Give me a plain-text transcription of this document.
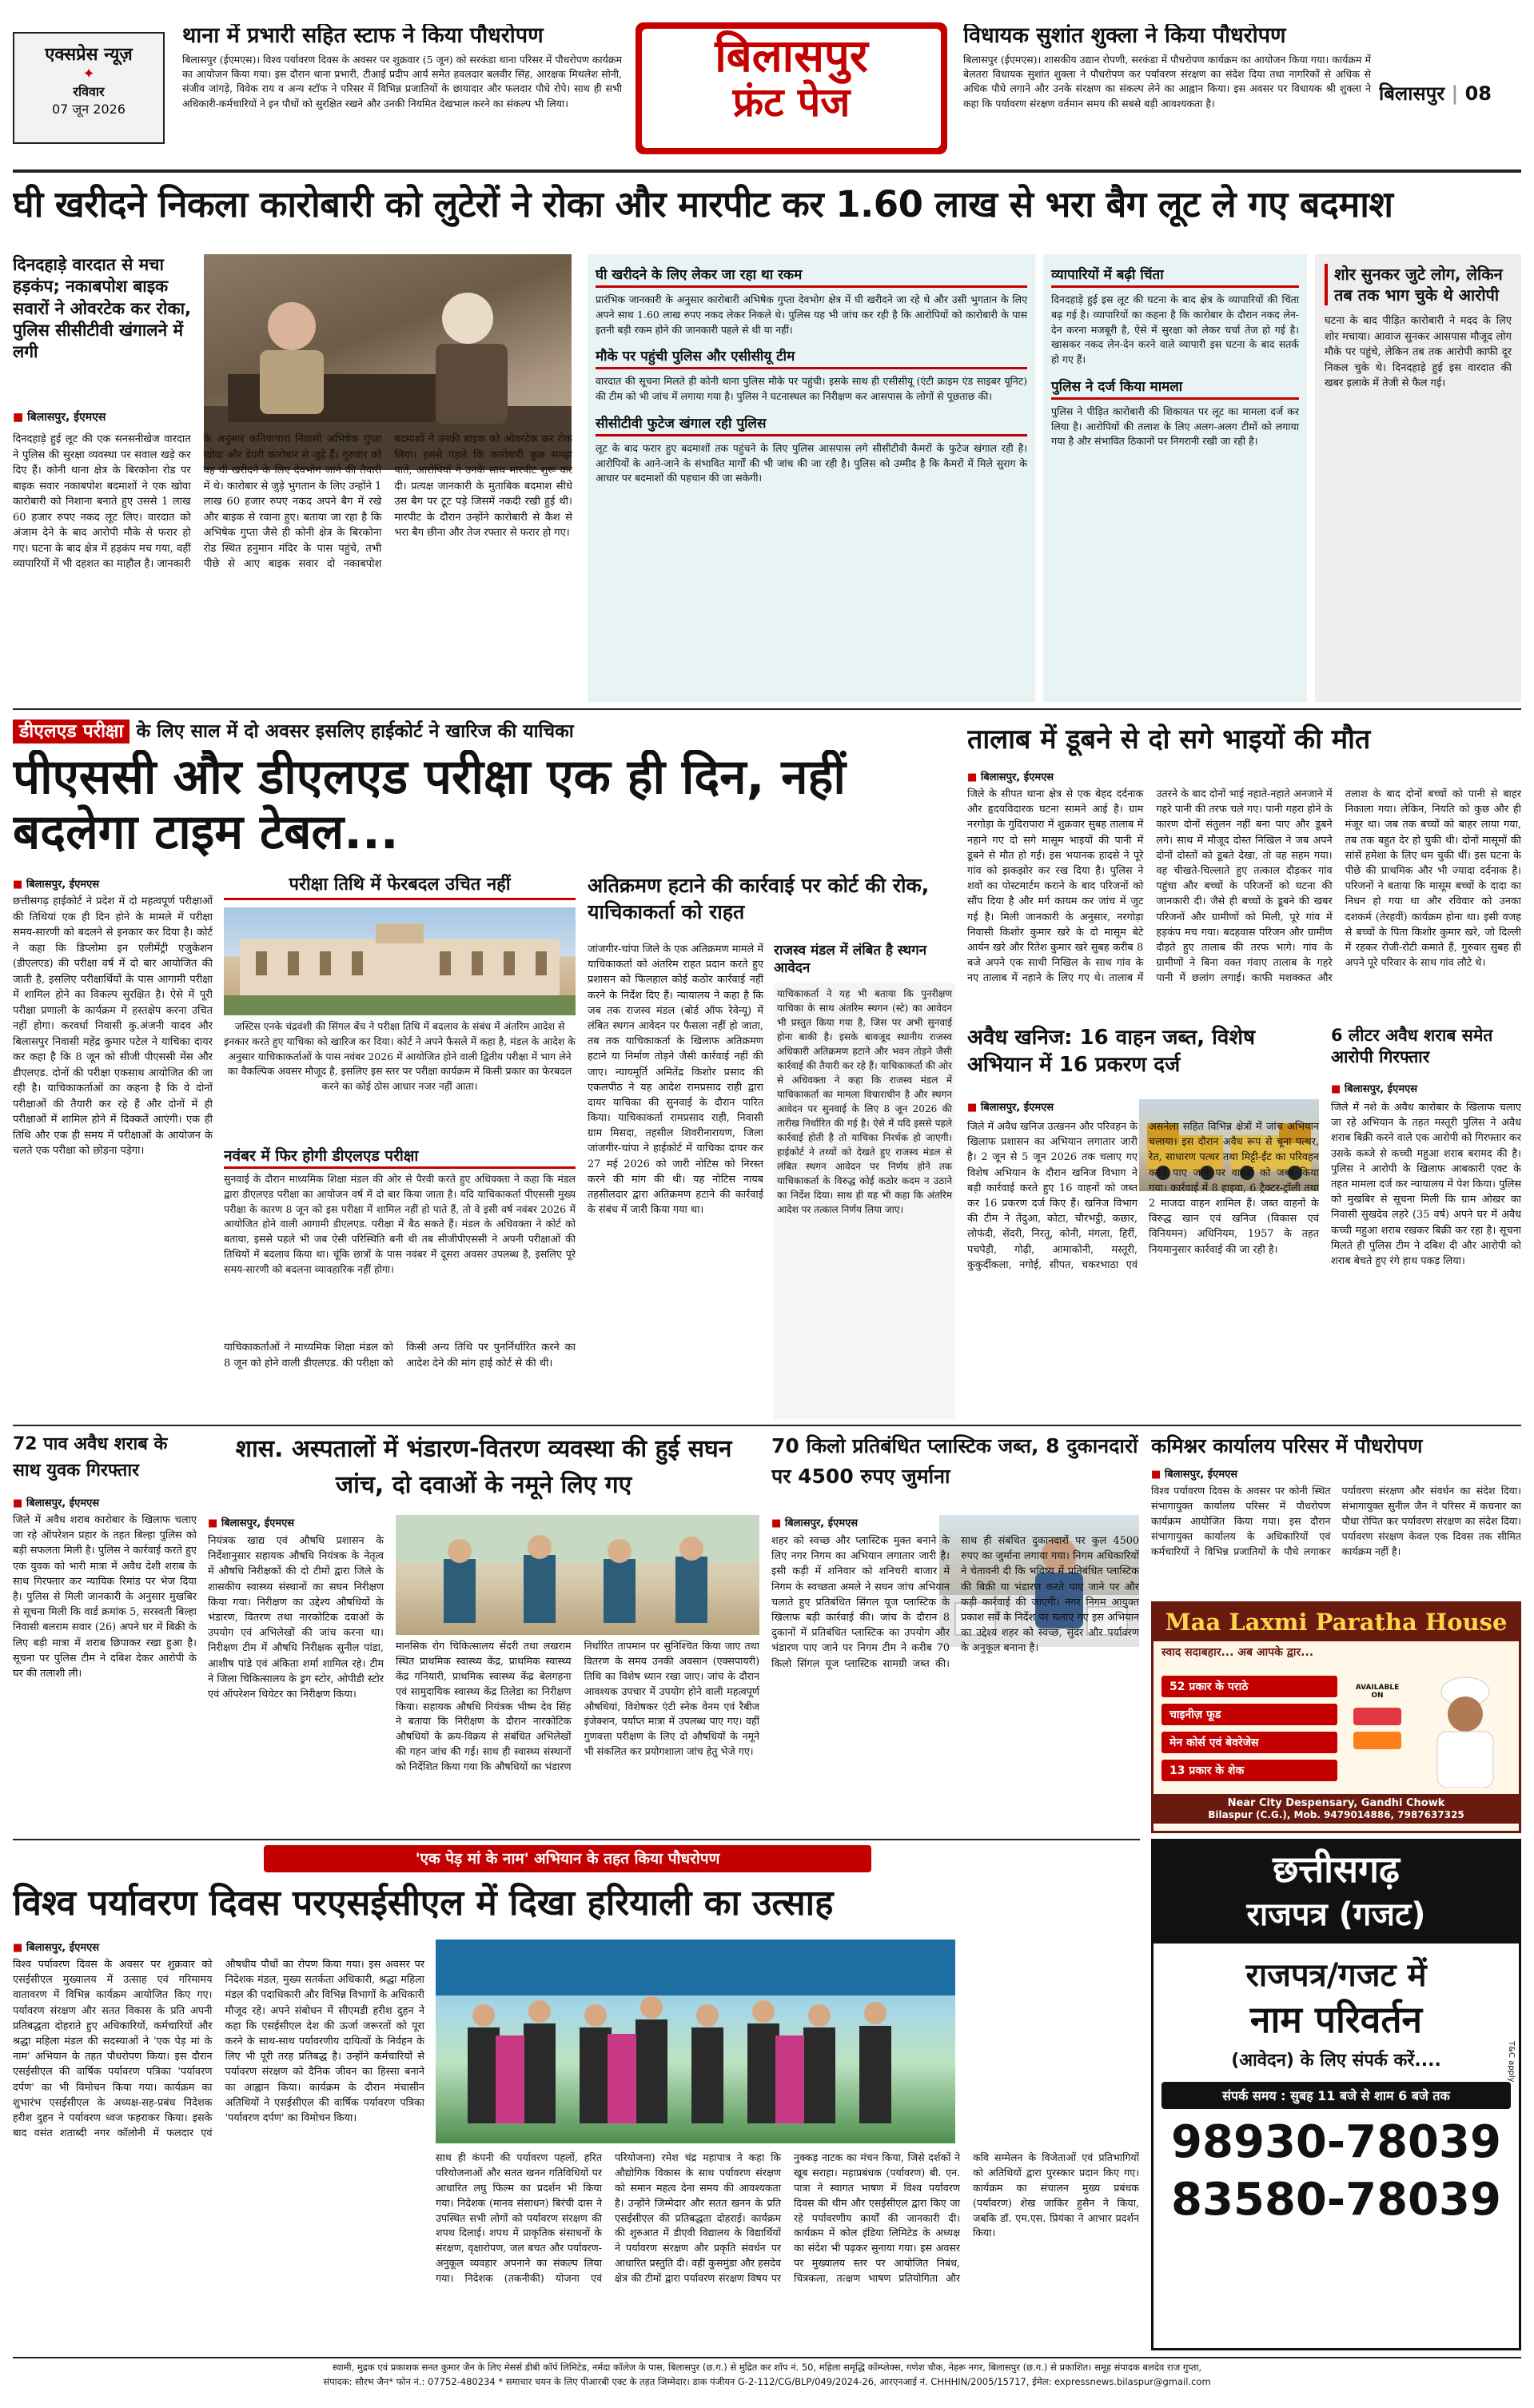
एक्सप्रेस न्यूज़
✦
रविवार
07 जून 2026
थाना में प्रभारी सहित स्टाफ ने किया पौधरोपण
बिलासपुर (ईएमएस)। विश्व पर्यावरण दिवस के अवसर पर शुक्रवार (5 जून) को सरकंडा थाना परिसर में पौधरोपण कार्यक्रम का आयोजन किया गया। इस दौरान थाना प्रभारी, टीआई प्रदीप आर्य समेत हवलदार बलवीर सिंह, आरक्षक मिथलेश सोनी, संजीव जांगड़े, विवेक राय व अन्य स्टॉफ ने परिसर में विभिन्न प्रजातियों के छायादार और फलदार पौधे रोपे। साथ ही सभी अधिकारी-कर्मचारियों ने इन पौधों को सुरक्षित रखने और उनकी नियमित देखभाल करने का संकल्प भी लिया।
बिलासपुर
फ्रंट पेज
विधायक सुशांत शुक्ला ने किया पौधरोपण
बिलासपुर (ईएमएस)। शासकीय उद्यान रोपणी, सरकंडा में पौधरोपण कार्यक्रम का आयोजन किया गया। कार्यक्रम में बेलतरा विधायक सुशांत शुक्ला ने पौधरोपण कर पर्यावरण संरक्षण का संदेश दिया तथा नागरिकों से अधिक से अधिक पौधे लगाने और उनके संरक्षण का संकल्प लेने का आह्वान किया। इस अवसर पर विधायक श्री शुक्ला ने कहा कि पर्यावरण संरक्षण वर्तमान समय की सबसे बड़ी आवश्यकता है।	बिलासपुर | 08
घी खरीदने निकला कारोबारी को लुटेरों ने रोका और मारपीट कर 1.60 लाख से भरा बैग लूट ले गए बदमाश
दिनदहाड़े वारदात से मचा हड़कंप; नकाबपोश बाइक सवारों ने ओवरटेक कर रोका, पुलिस सीसीटीवी खंगालने में लगी
■ बिलासपुर, ईएमएस
दिनदहाड़े हुई लूट की एक सनसनीखेज वारदात ने पुलिस की सुरक्षा व्यवस्था पर सवाल खड़े कर दिए हैं। कोनी थाना क्षेत्र के बिरकोना रोड पर बाइक सवार नकाबपोश बदमाशों ने एक खोवा कारोबारी को निशाना बनाते हुए उससे 1 लाख 60 हजार रुपए नकद लूट लिए। वारदात को अंजाम देने के बाद आरोपी मौके से फरार हो गए। घटना के बाद क्षेत्र में हड़कंप मच गया, वहीं व्यापारियों में भी दहशत का माहौल है। जानकारी के अनुसार कतियापारा निवासी अभिषेक गुप्ता खोवा और डेयरी कारोबार से जुड़े हैं। गुरुवार को वह घी खरीदने के लिए देवभोग जाने की तैयारी में थे। कारोबार से जुड़े भुगतान के लिए उन्होंने 1 लाख 60 हजार रुपए नकद अपने बैग में रखे और बाइक से रवाना हुए। बताया जा रहा है कि अभिषेक गुप्ता जैसे ही कोनी क्षेत्र के बिरकोना रोड स्थित हनुमान मंदिर के पास पहुंचे, तभी पीछे से आए बाइक सवार दो नकाबपोश बदमाशों ने उनकी बाइक को ओवरटेक कर रोक लिया। इससे पहले कि कारोबारी कुछ समझ पाते, आरोपियों ने उनके साथ मारपीट शुरू कर दी। प्रत्यक्ष जानकारी के मुताबिक बदमाश सीधे उस बैग पर टूट पड़े जिसमें नकदी रखी हुई थी। मारपीट के दौरान उन्होंने कारोबारी से कैश से भरा बैग छीना और तेज रफ्तार से फरार हो गए।
घी खरीदने के लिए लेकर जा रहा था रकम
प्रारंभिक जानकारी के अनुसार कारोबारी अभिषेक गुप्ता देवभोग क्षेत्र में घी खरीदने जा रहे थे और उसी भुगतान के लिए अपने साथ 1.60 लाख रुपए नकद लेकर निकले थे। पुलिस यह भी जांच कर रही है कि आरोपियों को कारोबारी के पास इतनी बड़ी रकम होने की जानकारी पहले से थी या नहीं।
मौके पर पहुंची पुलिस और एसीसीयू टीम
वारदात की सूचना मिलते ही कोनी थाना पुलिस मौके पर पहुंची। इसके साथ ही एसीसीयू (एंटी क्राइम एंड साइबर यूनिट) की टीम को भी जांच में लगाया गया है। पुलिस ने घटनास्थल का निरीक्षण कर आसपास के लोगों से पूछताछ की।
सीसीटीवी फुटेज खंगाल रही पुलिस
लूट के बाद फरार हुए बदमाशों तक पहुंचने के लिए पुलिस आसपास लगे सीसीटीवी कैमरों के फुटेज खंगाल रही है। आरोपियों के आने-जाने के संभावित मार्गों की भी जांच की जा रही है। पुलिस को उम्मीद है कि कैमरों में मिले सुराग के आधार पर बदमाशों की पहचान की जा सकेगी।
व्यापारियों में बढ़ी चिंता
दिनदहाड़े हुई इस लूट की घटना के बाद क्षेत्र के व्यापारियों की चिंता बढ़ गई है। व्यापारियों का कहना है कि कारोबार के दौरान नकद लेन-देन करना मजबूरी है, ऐसे में सुरक्षा को लेकर चर्चा तेज हो गई है। खासकर नकद लेन-देन करने वाले व्यापारी इस घटना के बाद सतर्क हो गए हैं।
पुलिस ने दर्ज किया मामला
पुलिस ने पीड़ित कारोबारी की शिकायत पर लूट का मामला दर्ज कर लिया है। आरोपियों की तलाश के लिए अलग-अलग टीमों को लगाया गया है और संभावित ठिकानों पर निगरानी रखी जा रही है।
शोर सुनकर जुटे लोग, लेकिन तब तक भाग चुके थे आरोपी
घटना के बाद पीड़ित कारोबारी ने मदद के लिए शोर मचाया। आवाज सुनकर आसपास मौजूद लोग मौके पर पहुंचे, लेकिन तब तक आरोपी काफी दूर निकल चुके थे। दिनदहाड़े हुई इस वारदात की खबर इलाके में तेजी से फैल गई।
डीएलएड परीक्षा के लिए साल में दो अवसर इसलिए हाईकोर्ट ने खारिज की याचिका
पीएससी और डीएलएड परीक्षा एक ही दिन, नहीं बदलेगा टाइम टेबल...
■ बिलासपुर, ईएमएस
छत्तीसगढ़ हाईकोर्ट ने प्रदेश में दो महत्वपूर्ण परीक्षाओं की तिथियां एक ही दिन होने के मामले में परीक्षा समय-सारणी को बदलने से इनकार कर दिया है। कोर्ट ने कहा कि डिप्लोमा इन एलीमेंट्री एजुकेशन (डीएलएड) की परीक्षा वर्ष में दो बार आयोजित की जाती है, इसलिए परीक्षार्थियों के पास आगामी परीक्षा में शामिल होने का विकल्प सुरक्षित है। ऐसे में पूरी परीक्षा प्रणाली के कार्यक्रम में हस्तक्षेप करना उचित नहीं होगा। करवर्धा निवासी कु.अंजनी यादव और बिलासपुर निवासी महेंद्र कुमार पटेल ने याचिका दायर कर कहा है कि 8 जून को सीजी पीएससी मेंस और डीएलएड. दोनों की परीक्षा एकसाथ आयोजित की जा रही है। याचिकाकर्ताओं का कहना है कि वे दोनों परीक्षाओं की तैयारी कर रहे हैं और दोनों में ही परीक्षाओं में शामिल होने में दिक्कतें आएंगी। एक ही तिथि और एक ही समय में परीक्षाओं के आयोजन के चलते एक परीक्षा को छोड़ना पड़ेगा।
परीक्षा तिथि में फेरबदल उचित नहीं
जस्टिस एनके चंद्रवंशी की सिंगल बेंच ने परीक्षा तिथि में बदलाव के संबंध में अंतरिम आदेश से इनकार करते हुए याचिका को खारिज कर दिया। कोर्ट ने अपने फैसले में कहा है, मंडल के आदेश के अनुसार याचिकाकर्ताओं के पास नवंबर 2026 में आयोजित होने वाली द्वितीय परीक्षा में भाग लेने का वैकल्पिक अवसर मौजूद है, इसलिए इस स्तर पर परीक्षा कार्यक्रम में किसी प्रकार का फेरबदल करने का कोई ठोस आधार नजर नहीं आता।
नवंबर में फिर होगी डीएलएड परीक्षा
सुनवाई के दौरान माध्यमिक शिक्षा मंडल की ओर से पैरवी करते हुए अधिवक्ता ने कहा कि मंडल द्वारा डीएलएड परीक्षा का आयोजन वर्ष में दो बार किया जाता है। यदि याचिकाकर्ता पीएससी मुख्य परीक्षा के कारण 8 जून को इस परीक्षा में शामिल नहीं हो पाते हैं, तो वे इसी वर्ष नवंबर 2026 में आयोजित होने वाली आगामी डीएलएड. परीक्षा में बैठ सकते हैं। मंडल के अधिवक्ता ने कोर्ट को बताया, इससे पहले भी जब ऐसी परिस्थिति बनी थी तब सीजीपीएससी ने अपनी परीक्षाओं की तिथियों में बदलाव किया था। चूंकि छात्रों के पास नवंबर में दूसरा अवसर उपलब्ध है, इसलिए पूरे समय-सारणी को बदलना व्यावहारिक नहीं होगा।
याचिकाकर्ताओं ने माध्यमिक शिक्षा मंडल को 8 जून को होने वाली डीएलएड. की परीक्षा को किसी अन्य तिथि पर पुनर्निर्धारित करने का आदेश देने की मांग हाई कोर्ट से की थी।
अतिक्रमण हटाने की कार्रवाई पर कोर्ट की रोक, याचिकाकर्ता को राहत
जांजगीर-चांपा जिले के एक अतिक्रमण मामले में याचिकाकर्ता को अंतरिम राहत प्रदान करते हुए प्रशासन को फिलहाल कोई कठोर कार्रवाई नहीं करने के निर्देश दिए हैं। न्यायालय ने कहा है कि जब तक राजस्व मंडल (बोर्ड ऑफ रेवेन्यू) में लंबित स्थगन आवेदन पर फैसला नहीं हो जाता, तब तक याचिकाकर्ता के खिलाफ अतिक्रमण हटाने या निर्माण तोड़ने जैसी कार्रवाई नहीं की जाए। न्यायमूर्ति अमितेंद्र किशोर प्रसाद की एकलपीठ ने यह आदेश रामप्रसाद राही द्वारा दायर याचिका की सुनवाई के दौरान पारित किया। याचिकाकर्ता रामप्रसाद राही, निवासी ग्राम मिसदा, तहसील शिवरीनारायण, जिला जांजगीर-चांपा ने हाईकोर्ट में याचिका दायर कर 27 मई 2026 को जारी नोटिस को निरस्त करने की मांग की थी। यह नोटिस नायब तहसीलदार द्वारा अतिक्रमण हटाने की कार्रवाई के संबंध में जारी किया गया था।
राजस्व मंडल में लंबित है स्थगन आवेदन
याचिकाकर्ता ने यह भी बताया कि पुनरीक्षण याचिका के साथ अंतरिम स्थगन (स्टे) का आवेदन भी प्रस्तुत किया गया है, जिस पर अभी सुनवाई होना बाकी है। इसके बावजूद स्थानीय राजस्व अधिकारी अतिक्रमण हटाने और भवन तोड़ने जैसी कार्रवाई की तैयारी कर रहे हैं। याचिकाकर्ता की ओर से अधिवक्ता ने कहा कि राजस्व मंडल में याचिकाकर्ता का मामला विचाराधीन है और स्थगन आवेदन पर सुनवाई के लिए 8 जून 2026 की तारीख निर्धारित की गई है। ऐसे में यदि इससे पहले कार्रवाई होती है तो याचिका निरर्थक हो जाएगी। हाईकोर्ट ने तथ्यों को देखते हुए राजस्व मंडल से लंबित स्थगन आवेदन पर निर्णय होने तक याचिकाकर्ता के विरुद्ध कोई कठोर कदम न उठाने का निर्देश दिया। साथ ही यह भी कहा कि अंतरिम आदेश पर तत्काल निर्णय लिया जाए।
तालाब में डूबने से दो सगे भाइयों की मौत
■ बिलासपुर, ईएमएस
जिले के सीपत थाना क्षेत्र से एक बेहद दर्दनाक और हृदयविदारक घटना सामने आई है। ग्राम नरगोड़ा के गुदिरापारा में शुक्रवार सुबह तालाब में नहाने गए दो सगे मासूम भाइयों की पानी में डूबने से मौत हो गई। इस भयानक हादसे ने पूरे गांव को झकझोर कर रख दिया है। पुलिस ने शवों का पोस्टमार्टम कराने के बाद परिजनों को सौंप दिया है और मर्ग कायम कर जांच में जुट गई है। मिली जानकारी के अनुसार, नरगोड़ा निवासी किशोर कुमार खरे के दो मासूम बेटे आर्यन खरे और रितेश कुमार खरे सुबह करीब 8 बजे अपने एक साथी निखिल के साथ गांव के नए तालाब में नहाने के लिए गए थे। तालाब में उतरने के बाद दोनों भाई नहाते-नहाते अनजाने में गहरे पानी की तरफ चले गए। पानी गहरा होने के कारण दोनों संतुलन नहीं बना पाए और डूबने लगे। साथ में मौजूद दोस्त निखिल ने जब अपने दोनों दोस्तों को डूबते देखा, तो वह सहम गया। वह चीखते-चिल्लाते हुए तत्काल दौड़कर गांव पहुंचा और बच्चों के परिजनों को घटना की जानकारी दी। जैसे ही बच्चों के डूबने की खबर परिजनों और ग्रामीणों को मिली, पूरे गांव में हड़कंप मच गया। बदहवास परिजन और ग्रामीण दौड़ते हुए तालाब की तरफ भागे। गांव के ग्रामीणों ने बिना वक्त गंवाए तालाब के गहरे पानी में छलांग लगाई। काफी मशक्कत और तलाश के बाद दोनों बच्चों को पानी से बाहर निकाला गया। लेकिन, नियति को कुछ और ही मंजूर था। जब तक बच्चों को बाहर लाया गया, तब तक बहुत देर हो चुकी थी। दोनों मासूमों की सांसें हमेशा के लिए थम चुकी थीं। इस घटना के पीछे की प्राथमिक और भी ज्यादा दर्दनाक है। परिजनों ने बताया कि मासूम बच्चों के दादा का निधन हो गया था और रविवार को उनका दशकर्म (तेरहवीं) कार्यक्रम होना था। इसी वजह से बच्चों के पिता किशोर कुमार खरे, जो दिल्ली में रहकर रोजी-रोटी कमाते हैं, गुरुवार सुबह ही अपने पूरे परिवार के साथ गांव लौटे थे।
अवैध खनिज: 16 वाहन जब्त, विशेष अभियान में 16 प्रकरण दर्ज
■ बिलासपुर, ईएमएस
जिले में अवैध खनिज उत्खनन और परिवहन के खिलाफ प्रशासन का अभियान लगातार जारी है। 2 जून से 5 जून 2026 तक चलाए गए विशेष अभियान के दौरान खनिज विभाग ने बड़ी कार्रवाई करते हुए 16 वाहनों को जब्त कर 16 प्रकरण दर्ज किए हैं। खनिज विभाग की टीम ने तेंदुआ, कोटा, चौरभट्ठी, कछार, लोफंदी, सेंदरी, निरतू, कोनी, मंगला, हिर्री, पचपेड़ी, गोढ़ी, आमाकोनी, मस्तूरी, कुकुर्दीकला, नगोई, सीपत, चकरभाठा एवं असनेला सहित विभिन्न क्षेत्रों में जांच अभियान चलाया। इस दौरान अवैध रूप से चूना पत्थर, रेत, साधारण पत्थर तथा मिट्टी-ईंट का परिवहन करते पाए जाने पर वाहनों को जब्त किया गया। कार्रवाई में 8 हाइवा, 6 ट्रैक्टर-ट्रॉली तथा 2 माजदा वाहन शामिल हैं। जब्त वाहनों के विरुद्ध खान एवं खनिज (विकास एवं विनियमन) अधिनियम, 1957 के तहत नियमानुसार कार्रवाई की जा रही है।
6 लीटर अवैध शराब समेत आरोपी गिरफ्तार
■ बिलासपुर, ईएमएस
जिले में नशे के अवैध कारोबार के खिलाफ चलाए जा रहे अभियान के तहत मस्तूरी पुलिस ने अवैध शराब बिक्री करने वाले एक आरोपी को गिरफ्तार कर उसके कब्जे से कच्ची महुआ शराब बरामद की है। पुलिस ने आरोपी के खिलाफ आबकारी एक्ट के तहत मामला दर्ज कर न्यायालय में पेश किया। पुलिस को मुखबिर से सूचना मिली कि ग्राम ओखर का निवासी सुखदेव लहरे (35 वर्ष) अपने घर में अवैध कच्ची महुआ शराब रखकर बिक्री कर रहा है। सूचना मिलते ही पुलिस टीम ने दबिश दी और आरोपी को शराब बेचते हुए रंगे हाथ पकड़ लिया।
72 पाव अवैध शराब के साथ युवक गिरफ्तार
■ बिलासपुर, ईएमएस
जिले में अवैध शराब कारोबार के खिलाफ चलाए जा रहे ऑपरेशन प्रहार के तहत बिल्हा पुलिस को बड़ी सफलता मिली है। पुलिस ने कार्रवाई करते हुए एक युवक को भारी मात्रा में अवैध देशी शराब के साथ गिरफ्तार कर न्यायिक रिमांड पर भेज दिया है। पुलिस से मिली जानकारी के अनुसार मुखबिर से सूचना मिली कि वार्ड क्रमांक 5, सरस्वती बिल्हा निवासी बलराम सवार (26) अपने घर में बिक्री के लिए बड़ी मात्रा में शराब छिपाकर रखा हुआ है। सूचना पर पुलिस टीम ने दबिश देकर आरोपी के घर की तलाशी ली।
शास. अस्पतालों में भंडारण-वितरण व्यवस्था की हुई सघन जांच, दो दवाओं के नमूने लिए गए
■ बिलासपुर, ईएमएस
नियंत्रक खाद्य एवं औषधि प्रशासन के निर्देशानुसार सहायक औषधि नियंत्रक के नेतृत्व में औषधि निरीक्षकों की दो टीमों द्वारा जिले के शासकीय स्वास्थ्य संस्थानों का सघन निरीक्षण किया गया। निरीक्षण का उद्देश्य औषधियों के भंडारण, वितरण तथा नारकोटिक दवाओं के उपयोग एवं अभिलेखों की जांच करना था। निरीक्षण टीम में औषधि निरीक्षक सुनील पांडा, आशीष पांडे एवं अंकिता शर्मा शामिल रहे। टीम ने जिला चिकित्सालय के ड्रग स्टोर, ओपीडी स्टोर एवं ऑपरेशन थियेटर का निरीक्षण किया।
मानसिक रोग चिकित्सालय सेंदरी तथा लखराम स्थित प्राथमिक स्वास्थ्य केंद्र, प्राथमिक स्वास्थ्य केंद्र गनियारी, प्राथमिक स्वास्थ्य केंद्र बेलगहना एवं सामुदायिक स्वास्थ्य केंद्र तिलेडा का निरीक्षण किया। सहायक औषधि नियंत्रक भीष्म देव सिंह ने बताया कि निरीक्षण के दौरान नारकोटिक औषधियों के क्रय-विक्रय से संबंधित अभिलेखों की गहन जांच की गई। साथ ही स्वास्थ्य संस्थानों को निर्देशित किया गया कि औषधियों का भंडारण निर्धारित तापमान पर सुनिश्चित किया जाए तथा वितरण के समय उनकी अवसान (एक्सपायरी) तिथि का विशेष ध्यान रखा जाए। जांच के दौरान आवश्यक उपचार में उपयोग होने वाली महत्वपूर्ण औषधियां, विशेषकर एंटी स्नेक वेनम एवं रैबीज इंजेक्शन, पर्याप्त मात्रा में उपलब्ध पाए गए। वहीं गुणवत्ता परीक्षण के लिए दो औषधियों के नमूने भी संकलित कर प्रयोगशाला जांच हेतु भेजे गए।
70 किलो प्रतिबंधित प्लास्टिक जब्त, 8 दुकानदारों पर 4500 रुपए जुर्माना
■ बिलासपुर, ईएमएस
शहर को स्वच्छ और प्लास्टिक मुक्त बनाने के लिए नगर निगम का अभियान लगातार जारी है। इसी कड़ी में शनिवार को शनिचरी बाजार में निगम के स्वच्छता अमले ने सघन जांच अभियान चलाते हुए प्रतिबंधित सिंगल यूज प्लास्टिक के खिलाफ बड़ी कार्रवाई की। जांच के दौरान 8 दुकानों में प्रतिबंधित प्लास्टिक का उपयोग और भंडारण पाए जाने पर निगम टीम ने करीब 70 किलो सिंगल यूज प्लास्टिक सामग्री जब्त की। साथ ही संबंधित दुकानदारों पर कुल 4500 रुपए का जुर्माना लगाया गया। निगम अधिकारियों ने चेतावनी दी कि भविष्य में प्रतिबंधित प्लास्टिक की बिक्री या भंडारण करते पाए जाने पर और कड़ी कार्रवाई की जाएगी। नगर निगम आयुक्त प्रकाश सर्वे के निर्देश पर चलाए गए इस अभियान का उद्देश्य शहर को स्वच्छ, सुंदर और पर्यावरण के अनुकूल बनाना है।
कमिश्नर कार्यालय परिसर में पौधरोपण
■ बिलासपुर, ईएमएस
विश्व पर्यावरण दिवस के अवसर पर कोनी स्थित संभागायुक्त कार्यालय परिसर में पौधरोपण कार्यक्रम आयोजित किया गया। इस दौरान संभागायुक्त कार्यालय के अधिकारियों एवं कर्मचारियों ने विभिन्न प्रजातियों के पौधे लगाकर पर्यावरण संरक्षण और संवर्धन का संदेश दिया। संभागायुक्त सुनील जैन ने परिसर में कचनार का पौधा रोपित कर पर्यावरण संरक्षण का संदेश दिया। पर्यावरण संरक्षण केवल एक दिवस तक सीमित कार्यक्रम नहीं है।
Maa Laxmi Paratha House
स्वाद सदाबहार... अब आपके द्वार...
52 प्रकार के पराठे
चाइनीज़ फूड
मेन कोर्स एवं बेवरेजेस
13 प्रकार के शेक
AVAILABLE ON
Near City Despensary, Gandhi Chowk
Bilaspur (C.G.), Mob. 9479014886, 7987637325
'एक पेड़ मां के नाम' अभियान के तहत किया पौधरोपण
विश्व पर्यावरण दिवस परएसईसीएल में दिखा हरियाली का उत्साह
■ बिलासपुर, ईएमएस
विश्व पर्यावरण दिवस के अवसर पर शुक्रवार को एसईसीएल मुख्यालय में उत्साह एवं गरिमामय वातावरण में विभिन्न कार्यक्रम आयोजित किए गए। पर्यावरण संरक्षण और सतत विकास के प्रति अपनी प्रतिबद्धता दोहराते हुए अधिकारियों, कर्मचारियों और श्रद्धा महिला मंडल की सदस्याओं ने 'एक पेड़ मां के नाम' अभियान के तहत पौधरोपण किया। इस दौरान एसईसीएल की वार्षिक पर्यावरण पत्रिका 'पर्यावरण दर्पण' का भी विमोचन किया गया। कार्यक्रम का शुभारंभ एसईसीएल के अध्यक्ष-सह-प्रबंध निदेशक हरीश दुहन ने पर्यावरण ध्वज फहराकर किया। इसके बाद वसंत शताब्दी नगर कॉलोनी में फलदार एवं औषधीय पौधों का रोपण किया गया। इस अवसर पर निदेशक मंडल, मुख्य सतर्कता अधिकारी, श्रद्धा महिला मंडल की पदाधिकारी और विभिन्न विभागों के अधिकारी मौजूद रहे। अपने संबोधन में सीएमडी हरीश दुहन ने कहा कि एसईसीएल देश की ऊर्जा जरूरतों को पूरा करने के साथ-साथ पर्यावरणीय दायित्वों के निर्वहन के लिए भी पूरी तरह प्रतिबद्ध है। उन्होंने कर्मचारियों से पर्यावरण संरक्षण को दैनिक जीवन का हिस्सा बनाने का आह्वान किया। कार्यक्रम के दौरान मंचासीन अतिथियों ने एसईसीएल की वार्षिक पर्यावरण पत्रिका 'पर्यावरण दर्पण' का विमोचन किया।
साथ ही कंपनी की पर्यावरण पहलों, हरित परियोजनाओं और सतत खनन गतिविधियों पर आधारित लघु फिल्म का प्रदर्शन भी किया गया। निदेशक (मानव संसाधन) बिरंची दास ने उपस्थित सभी लोगों को पर्यावरण संरक्षण की शपथ दिलाई। शपथ में प्राकृतिक संसाधनों के संरक्षण, वृक्षारोपण, जल बचत और पर्यावरण-अनुकूल व्यवहार अपनाने का संकल्प लिया गया। निदेशक (तकनीकी) योजना एवं परियोजना) रमेश चंद्र महापात्र ने कहा कि औद्योगिक विकास के साथ पर्यावरण संरक्षण को समान महत्व देना समय की आवश्यकता है। उन्होंने जिम्मेदार और सतत खनन के प्रति एसईसीएल की प्रतिबद्धता दोहराई। कार्यक्रम की शुरुआत में डीएवी विद्यालय के विद्यार्थियों ने पर्यावरण संरक्षण और प्रकृति संवर्धन पर आधारित प्रस्तुति दी। वहीं कुसमुंडा और हसदेव क्षेत्र की टीमों द्वारा पर्यावरण संरक्षण विषय पर नुक्कड़ नाटक का मंचन किया, जिसे दर्शकों ने खूब सराहा। महाप्रबंधक (पर्यावरण) बी. एन. पात्रा ने स्वागत भाषण में विश्व पर्यावरण दिवस की थीम और एसईसीएल द्वारा किए जा रहे पर्यावरणीय कार्यों की जानकारी दी। कार्यक्रम में कोल इंडिया लिमिटेड के अध्यक्ष का संदेश भी पढ़कर सुनाया गया। इस अवसर पर मुख्यालय स्तर पर आयोजित निबंध, चित्रकला, तत्क्षण भाषण प्रतियोगिता और कवि सम्मेलन के विजेताओं एवं प्रतिभागियों को अतिथियों द्वारा पुरस्कार प्रदान किए गए। कार्यक्रम का संचालन मुख्य प्रबंधक (पर्यावरण) शेख जाकिर हुसैन ने किया, जबकि डॉ. एम.एस. प्रियंका ने आभार प्रदर्शन किया।
छत्तीसगढ़
राजपत्र (गजट)
राजपत्र/गजट में
नाम परिवर्तन
(आवेदन) के लिए संपर्क करें....
संपर्क समय : सुबह 11 बजे से शाम 6 बजे तक
98930-78039
83580-78039
T&C apply
स्वामी, मुद्रक एवं प्रकाशक सनत कुमार जैन के लिए मेसर्स डीबी कॉर्प लिमिटेड, नर्मदा कॉलेज के पास, बिलासपुर (छ.ग.) से मुद्रित कर शॉप नं. 50, महिला समृद्धि कॉम्प्लेक्स, गणेश चौक, नेहरू नगर, बिलासपुर (छ.ग.) से प्रकाशित। समूह संपादक बलदेव राज गुप्ता,
संपादक: सौरभ जैन* फोन नं.: 07752-480234 * समाचार चयन के लिए पीआरबी एक्ट के तहत जिम्मेदार। डाक पंजीयन G-2-112/CG/BLP/049/2024-26, आरएनआई नं. CHHHIN/2005/15717, ईमेल: expressnews.bilaspur@gmail.com
